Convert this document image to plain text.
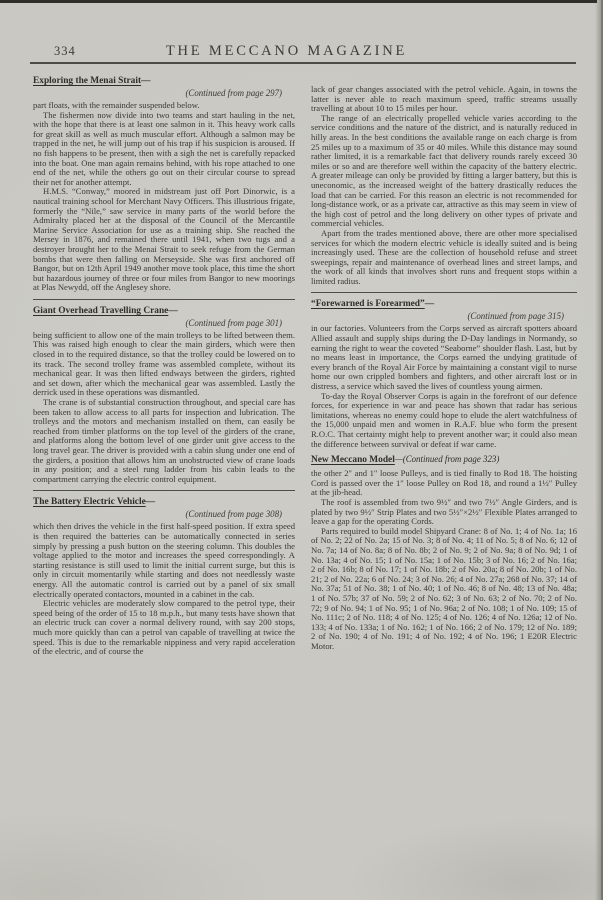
334	THE MECCANO MAGAZINE
Exploring the Menai Strait—
(Continued from page 297)

part floats, with the remainder suspended below.

The fishermen now divide into two teams and start hauling in the net, with the hope that there is at least one salmon in it. This heavy work calls for great skill as well as much muscular effort. Although a salmon may be trapped in the net, he will jump out of his trap if his suspicion is aroused. If no fish happens to be present, then with a sigh the net is carefully repacked into the boat. One man again remains behind, with his rope attached to one end of the net, while the others go out on their circular course to spread their net for another attempt.

H.M.S. “Conway,” moored in midstream just off Port Dinorwic, is a nautical training school for Merchant Navy Officers. This illustrious frigate, formerly the “Nile,” saw service in many parts of the world before the Admiralty placed her at the disposal of the Council of the Mercantile Marine Service Association for use as a training ship. She reached the Mersey in 1876, and remained there until 1941, when two tugs and a destroyer brought her to the Menai Strait to seek refuge from the German bombs that were then falling on Merseyside. She was first anchored off Bangor, but on 12th April 1949 another move took place, this time the short but hazardous journey of three or four miles from Bangor to new moorings at Plas Newydd, off the Anglesey shore.

Giant Overhead Travelling Crane—
(Continued from page 301)

being sufficient to allow one of the main trolleys to be lifted between them. This was raised high enough to clear the main girders, which were then closed in to the required distance, so that the trolley could be lowered on to its track. The second trolley frame was assembled complete, without its mechanical gear. It was then lifted endways between the girders, righted and set down, after which the mechanical gear was assembled. Lastly the derrick used in these operations was dismantled.

The crane is of substantial construction throughout, and special care has been taken to allow access to all parts for inspection and lubrication. The trolleys and the motors and mechanism installed on them, can easily be reached from timber platforms on the top level of the girders of the crane, and platforms along the bottom level of one girder unit give access to the long travel gear. The driver is provided with a cabin slung under one end of the girders, a position that allows him an unobstructed view of crane loads in any position; and a steel rung ladder from his cabin leads to the compartment carrying the electric control equipment.

The Battery Electric Vehicle—
(Continued from page 308)

which then drives the vehicle in the first half-speed position. If extra speed is then required the batteries can be automatically connected in series simply by pressing a push button on the steering column. This doubles the voltage applied to the motor and increases the speed correspondingly. A starting resistance is still used to limit the initial current surge, but this is only in circuit momentarily while starting and does not needlessly waste energy. All the automatic control is carried out by a panel of six small electrically operated contactors, mounted in a cabinet in the cab.

Electric vehicles are moderately slow compared to the petrol type, their speed being of the order of 15 to 18 m.p.h., but many tests have shown that an electric truck can cover a normal delivery round, with say 200 stops, much more quickly than can a petrol van capable of travelling at twice the speed. This is due to the remarkable nippiness and very rapid acceleration of the electric, and of course the

lack of gear changes associated with the petrol vehicle. Again, in towns the latter is never able to reach maximum speed, traffic streams usually travelling at about 10 to 15 miles per hour.

The range of an electrically propelled vehicle varies according to the service conditions and the nature of the district, and is naturally reduced in hilly areas. In the best conditions the available range on each charge is from 25 miles up to a maximum of 35 or 40 miles. While this distance may sound rather limited, it is a remarkable fact that delivery rounds rarely exceed 30 miles or so and are therefore well within the capacity of the battery electric. A greater mileage can only be provided by fitting a larger battery, but this is uneconomic, as the increased weight of the battery drastically reduces the load that can be carried. For this reason an electric is not recommended for long-distance work, or as a private car, attractive as this may seem in view of the high cost of petrol and the long delivery on other types of private and commercial vehicles.

Apart from the trades mentioned above, there are other more specialised services for which the modern electric vehicle is ideally suited and is being increasingly used. These are the collection of household refuse and street sweepings, repair and maintenance of overhead lines and street lamps, and the work of all kinds that involves short runs and frequent stops within a limited radius.

“Forewarned is Forearmed”—
(Continued from page 315)

in our factories. Volunteers from the Corps served as aircraft spotters aboard Allied assault and supply ships during the D-Day landings in Normandy, so earning the right to wear the coveted “Seaborne” shoulder flash. Last, but by no means least in importance, the Corps earned the undying gratitude of every branch of the Royal Air Force by maintaining a constant vigil to nurse home our own crippled bombers and fighters, and other aircraft lost or in distress, a service which saved the lives of countless young airmen.

To-day the Royal Observer Corps is again in the forefront of our defence forces, for experience in war and peace has shown that radar has serious limitations, whereas no enemy could hope to elude the alert watchfulness of the 15,000 unpaid men and women in R.A.F. blue who form the present R.O.C. That certainty might help to prevent another war; it could also mean the difference between survival or defeat if war came.

New Meccano Model—(Continued from page 323)

the other 2″ and 1″ loose Pulleys, and is tied finally to Rod 18. The hoisting Cord is passed over the 1″ loose Pulley on Rod 18, and round a 1½″ Pulley at the jib-head.

The roof is assembled from two 9½″ and two 7½″ Angle Girders, and is plated by two 9½″ Strip Plates and two 5½″×2½″ Flexible Plates arranged to leave a gap for the operating Cords.

Parts required to build model Shipyard Crane: 8 of No. 1; 4 of No. 1a; 16 of No. 2; 22 of No. 2a; 15 of No. 3; 8 of No. 4; 11 of No. 5; 8 of No. 6; 12 of No. 7a; 14 of No. 8a; 8 of No. 8b; 2 of No. 9; 2 of No. 9a; 8 of No. 9d; 1 of No. 13a; 4 of No. 15; 1 of No. 15a; 1 of No. 15b; 3 of No. 16; 2 of No. 16a; 2 of No. 16b; 8 of No. 17; 1 of No. 18b; 2 of No. 20a; 8 of No. 20b; 1 of No. 21; 2 of No. 22a; 6 of No. 24; 3 of No. 26; 4 of No. 27a; 268 of No. 37; 14 of No. 37a; 51 of No. 38; 1 of No. 40; 1 of No. 46; 8 of No. 48; 13 of No. 48a; 1 of No. 57b; 37 of No. 59; 2 of No. 62; 3 of No. 63; 2 of No. 70; 2 of No. 72; 9 of No. 94; 1 of No. 95; 1 of No. 96a; 2 of No. 108; 1 of No. 109; 15 of No. 111c; 2 of No. 118; 4 of No. 125; 4 of No. 126; 4 of No. 126a; 12 of No. 133; 4 of No. 133a; 1 of No. 162; 1 of No. 166; 2 of No. 179; 12 of No. 189; 2 of No. 190; 4 of No. 191; 4 of No. 192; 4 of No. 196; 1 E20R Electric Motor.
